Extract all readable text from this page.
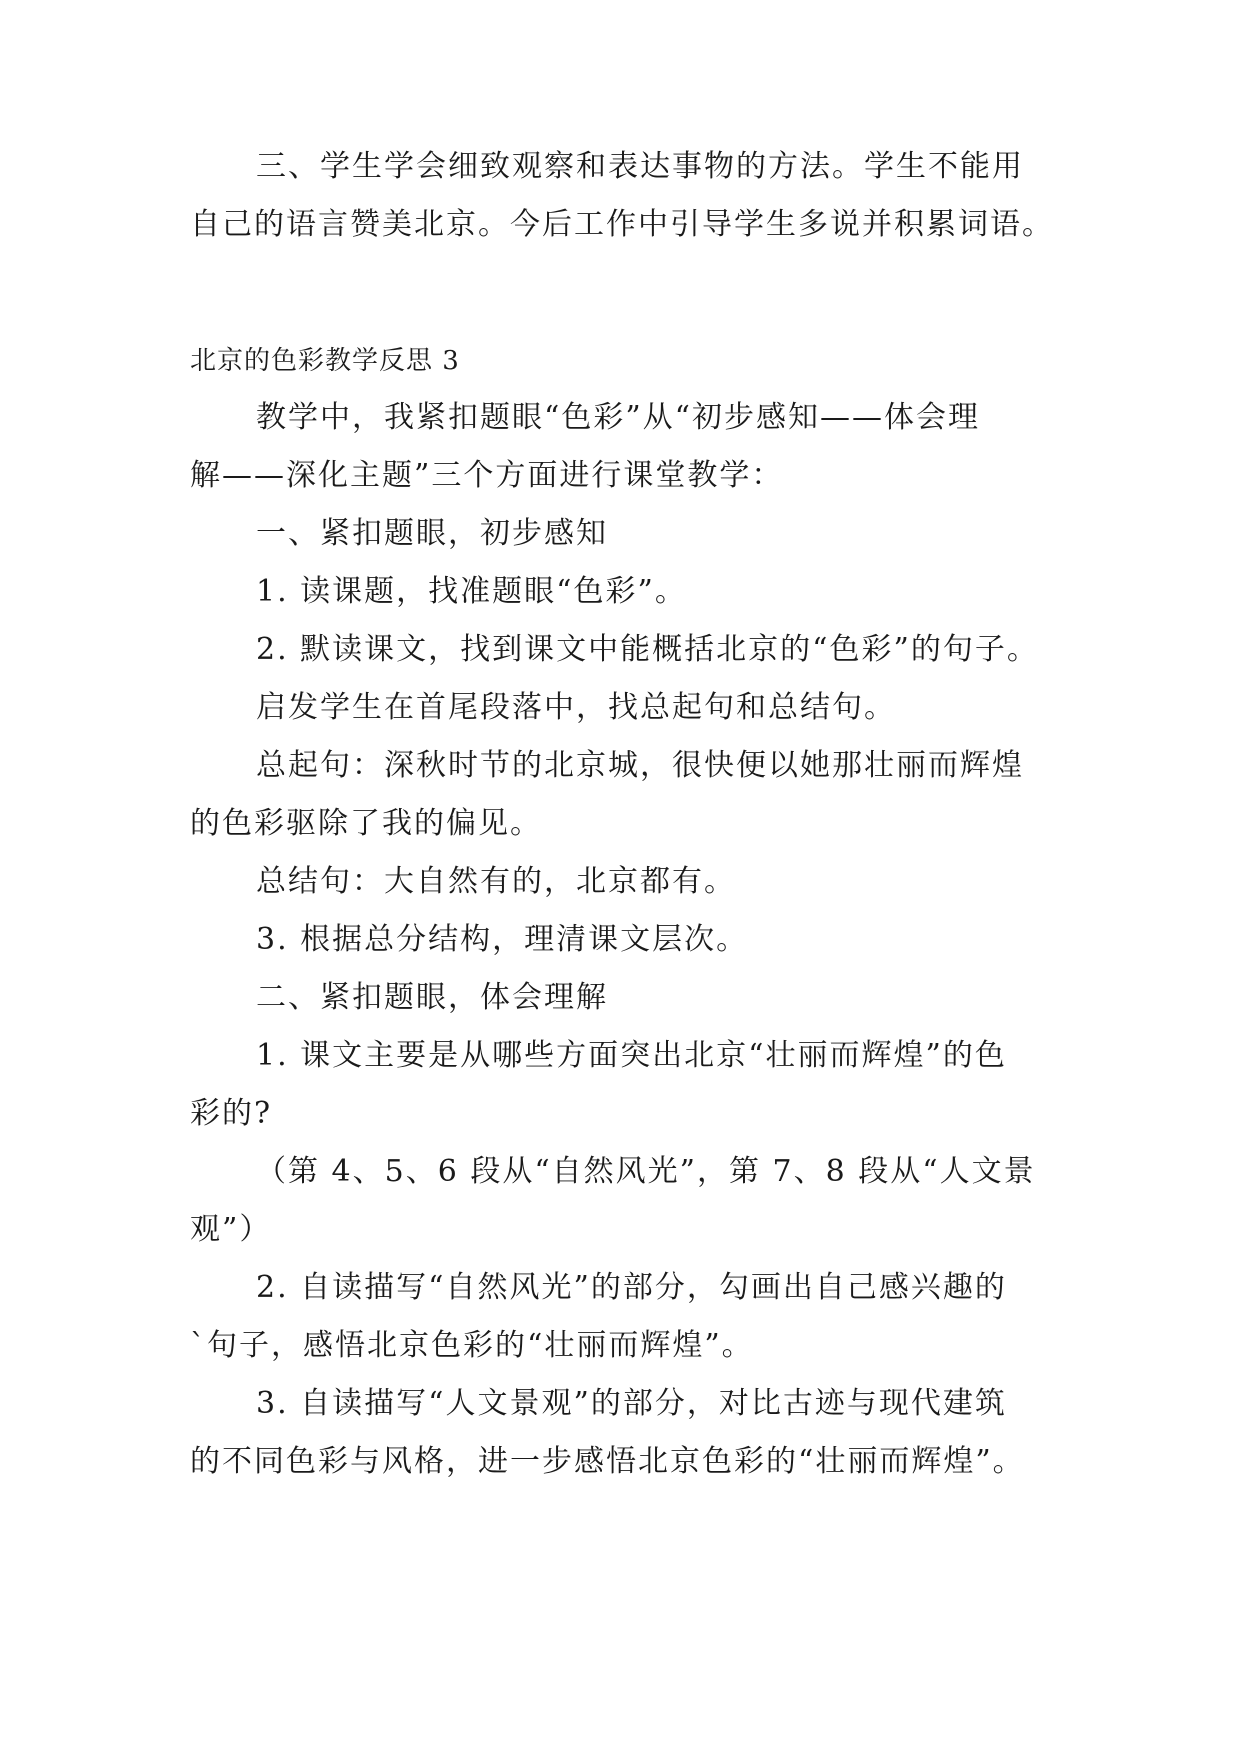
三、学生学会细致观察和表达事物的方法。学生不能用
自己的语言赞美北京。今后工作中引导学生多说并积累词语。
北京的色彩教学反思 3
教学中，我紧扣题眼“色彩”从“初步感知——体会理
解——深化主题”三个方面进行课堂教学：
一、紧扣题眼，初步感知
1. 读课题，找准题眼“色彩”。
2. 默读课文，找到课文中能概括北京的“色彩”的句子。
启发学生在首尾段落中，找总起句和总结句。
总起句：深秋时节的北京城，很快便以她那壮丽而辉煌
的色彩驱除了我的偏见。
总结句：大自然有的，北京都有。
3. 根据总分结构，理清课文层次。
二、紧扣题眼，体会理解
1. 课文主要是从哪些方面突出北京“壮丽而辉煌”的色
彩的?
（第 4、5、6 段从“自然风光”，第 7、8 段从“人文景
观”）
2. 自读描写“自然风光”的部分，勾画出自己感兴趣的
`句子，感悟北京色彩的“壮丽而辉煌”。
3. 自读描写“人文景观”的部分，对比古迹与现代建筑
的不同色彩与风格，进一步感悟北京色彩的“壮丽而辉煌”。
